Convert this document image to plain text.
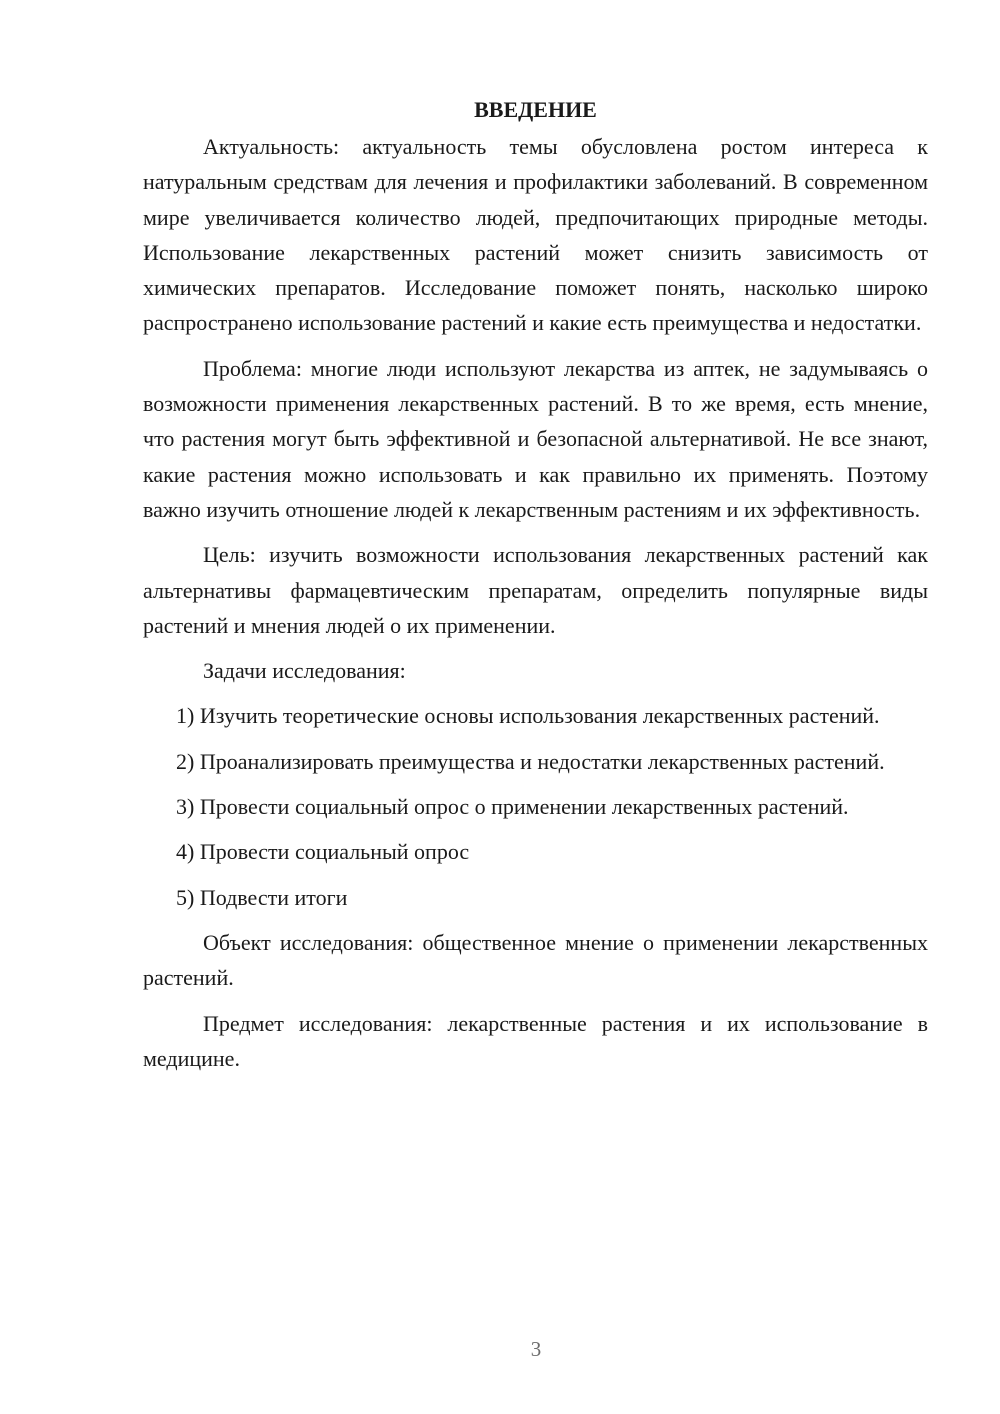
ВВЕДЕНИЕ

Актуальность: актуальность темы обусловлена ростом интереса к натуральным средствам для лечения и профилактики заболеваний. В современном мире увеличивается количество людей, предпочитающих природные методы. Использование лекарственных растений может снизить зависимость от химических препаратов. Исследование поможет понять, насколько широко распространено использование растений и какие есть преимущества и недостатки.

Проблема: многие люди используют лекарства из аптек, не задумываясь о возможности применения лекарственных растений. В то же время, есть мнение, что растения могут быть эффективной и безопасной альтернативой. Не все знают, какие растения можно использовать и как правильно их применять. Поэтому важно изучить отношение людей к лекарственным растениям и их эффективность.

Цель: изучить возможности использования лекарственных растений как альтернативы фармацевтическим препаратам, определить популярные виды растений и мнения людей о их применении.

Задачи исследования:

1) Изучить теоретические основы использования лекарственных растений.

2) Проанализировать преимущества и недостатки лекарственных растений.

3) Провести социальный опрос о применении лекарственных растений.

4) Провести социальный опрос

5) Подвести итоги

Объект исследования: общественное мнение о применении лекарственных растений.

Предмет исследования: лекарственные растения и их использование в медицине.

3
